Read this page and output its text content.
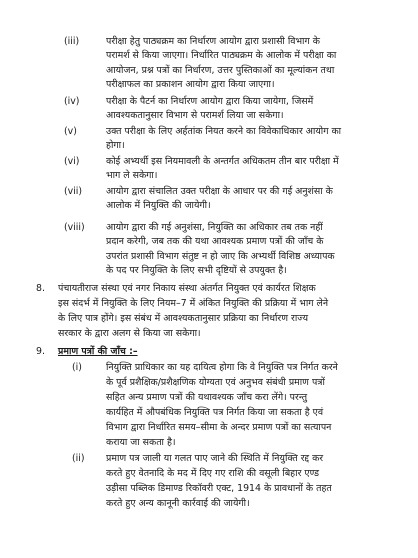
(iii)	परीक्षा हेतु पाठ्यक्रम का निर्धारण आयोग द्वारा प्रशासी विभाग के
परामर्श से किया जाएगा। निर्धारित पाठ्यक्रम के आलोक में परीक्षा का
आयोजन, प्रश्न पत्रों का निर्धारण, उत्तर पुस्तिकाओं का मूल्यांकन तथा
परीक्षाफल का प्रकाशन आयोग द्वारा किया जाएगा।
(iv)	परीक्षा के पैटर्न का निर्धारण आयोग द्वारा किया जायेगा, जिसमें
आवश्यकतानुसार विभाग से परामर्श लिया जा सकेगा।
(v)	उक्त परीक्षा के लिए अर्हतांक नियत करने का विवेकाधिकार आयोग का
होगा।
(vi)	कोई अभ्यर्थी इस नियमावली के अन्तर्गत अधिकतम तीन बार परीक्षा में
भाग ले सकेगा।
(vii)	आयोग द्वारा संचालित उक्त परीक्षा के आधार पर की गई अनुशंसा के
आलोक में नियुक्ति की जायेगी।
(viii) आयोग द्वारा की गई अनुशंसा, नियुक्ति का अधिकार तब तक नहीं
प्रदान करेगी, जब तक की यथा आवश्यक प्रमाण पत्रों की जाँच के
उपरांत प्रशासी विभाग संतुष्ट न हो जाए कि अभ्यर्थी विशिष्ठ अध्यापक
के पद पर नियुक्ति के लिए सभी दृष्टियों से उपयुक्त है।
8. पंचायतीराज संस्था एवं नगर निकाय संस्था अंतर्गत नियुक्त एवं कार्यरत शिक्षक
इस संदर्भ में नियुक्ति के लिए नियम–7 में अंकित नियुक्ति की प्रक्रिया में भाग लेने
के लिए पात्र होंगे। इस संबंध में आवश्यकतानुसार प्रक्रिया का निर्धारण राज्य
सरकार के द्वारा अलग से किया जा सकेगा।
9. प्रमाण पत्रों की जाँच :–
(i)	नियुक्ति प्राधिकार का यह दायित्व होगा कि वे नियुक्ति पत्र निर्गत करने
के पूर्व प्रशैक्षिक/प्रशैक्षणिक योग्यता एवं अनुभव संबंधी प्रमाण पत्रों
सहित अन्य प्रमाण पत्रों की यथावश्यक जाँच करा लेंगे। परन्तु
कार्यहित में औपबंधिक नियुक्ति पत्र निर्गत किया जा सकता है एवं
विभाग द्वारा निर्धारित समय–सीमा के अन्दर प्रमाण पत्रों का सत्यापन
कराया जा सकता है।
(ii) प्रमाण पत्र जाली या गलत पाए जाने की स्थिति में नियुक्ति रद्द कर
करते हुए वेतनादि के मद में दिए गए राशि की वसूली बिहार एण्ड
उड़ीसा पब्लिक डिमाण्ड रिकॉवरी एक्ट, 1914 के प्रावधानों के तहत
करते हुए अन्य कानूनी कार्रवाई की जायेगी।
